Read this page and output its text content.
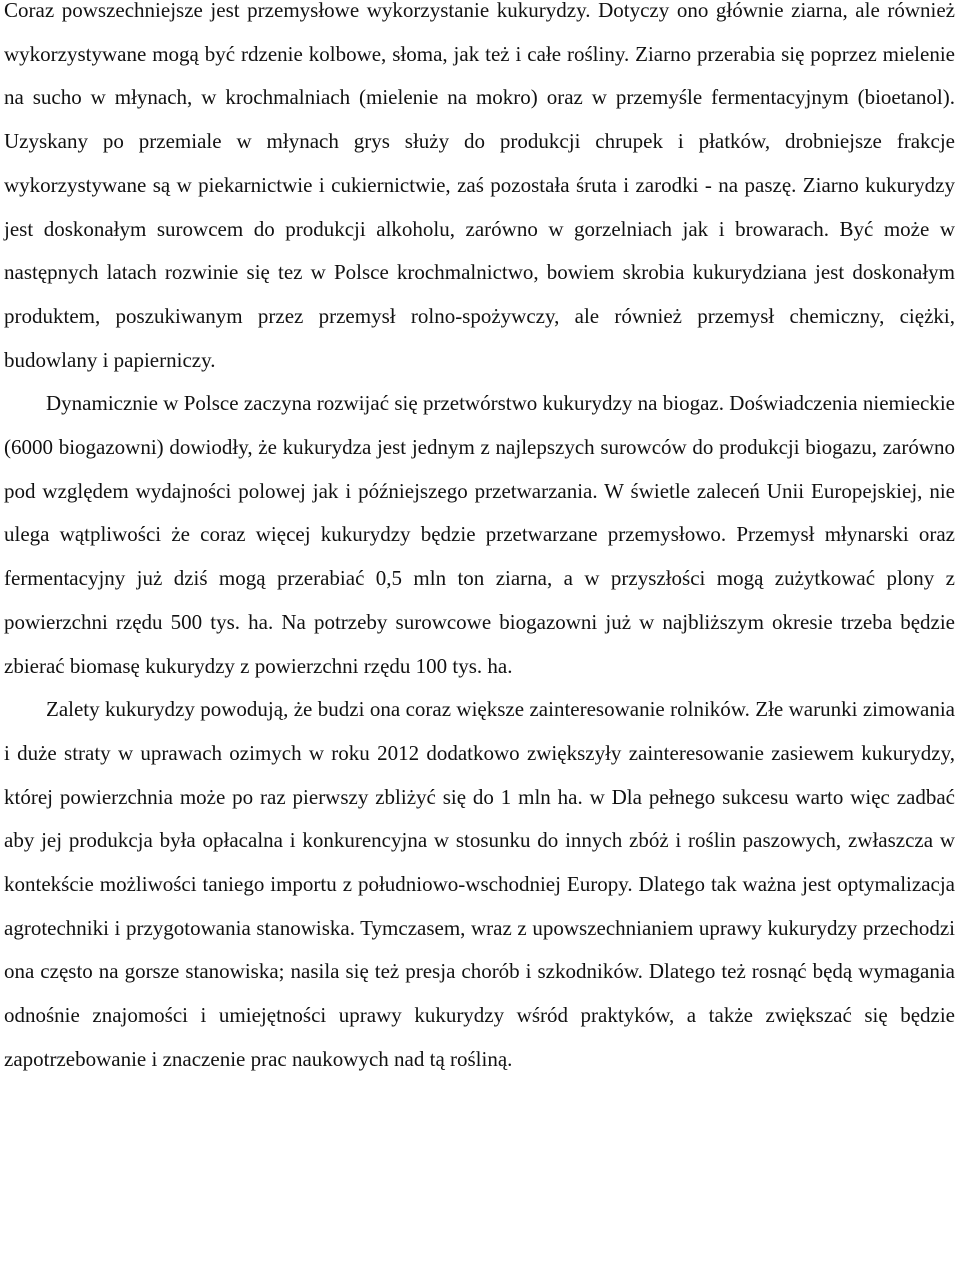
Coraz powszechniejsze jest przemysłowe wykorzystanie kukurydzy. Dotyczy ono głównie ziarna, ale również wykorzystywane mogą być rdzenie kolbowe, słoma, jak też i całe rośliny. Ziarno przerabia się poprzez mielenie na sucho w młynach, w krochmalniach (mielenie na mokro) oraz w przemyśle fermentacyjnym (bioetanol). Uzyskany po przemiale w młynach grys służy do produkcji chrupek i płatków, drobniejsze frakcje wykorzystywane są w piekarnictwie i cukiernictwie, zaś pozostała śruta i zarodki - na paszę. Ziarno kukurydzy jest doskonałym surowcem do produkcji alkoholu, zarówno w gorzelniach jak i browarach. Być może w następnych latach rozwinie się tez w Polsce krochmalnictwo, bowiem skrobia kukurydziana jest doskonałym produktem, poszukiwanym przez przemysł rolno-spożywczy, ale również przemysł chemiczny, ciężki, budowlany i papierniczy.

Dynamicznie w Polsce zaczyna rozwijać się przetwórstwo kukurydzy na biogaz. Doświadczenia niemieckie (6000 biogazowni) dowiodły, że kukurydza jest jednym z najlepszych surowców do produkcji biogazu, zarówno pod względem wydajności polowej jak i późniejszego przetwarzania. W świetle zaleceń Unii Europejskiej, nie ulega wątpliwości że coraz więcej kukurydzy będzie przetwarzane przemysłowo. Przemysł młynarski oraz fermentacyjny już dziś mogą przerabiać 0,5 mln ton ziarna, a w przyszłości mogą zużytkować plony z powierzchni rzędu 500 tys. ha. Na potrzeby surowcowe biogazowni już w najbliższym okresie trzeba będzie zbierać biomasę kukurydzy z powierzchni rzędu 100 tys. ha.

Zalety kukurydzy powodują, że budzi ona coraz większe zainteresowanie rolników. Złe warunki zimowania i duże straty w uprawach ozimych w roku 2012 dodatkowo zwiększyły zainteresowanie zasiewem kukurydzy, której powierzchnia może po raz pierwszy zbliżyć się do 1 mln ha. w Dla pełnego sukcesu warto więc zadbać aby jej produkcja była opłacalna i konkurencyjna w stosunku do innych zbóż i roślin paszowych, zwłaszcza w kontekście możliwości taniego importu z południowo-wschodniej Europy. Dlatego tak ważna jest optymalizacja agrotechniki i przygotowania stanowiska. Tymczasem, wraz z upowszechnianiem uprawy kukurydzy przechodzi ona często na gorsze stanowiska; nasila się też presja chorób i szkodników. Dlatego też rosnąć będą wymagania odnośnie znajomości i umiejętności uprawy kukurydzy wśród praktyków, a także zwiększać się będzie zapotrzebowanie i znaczenie prac naukowych nad tą rośliną.
